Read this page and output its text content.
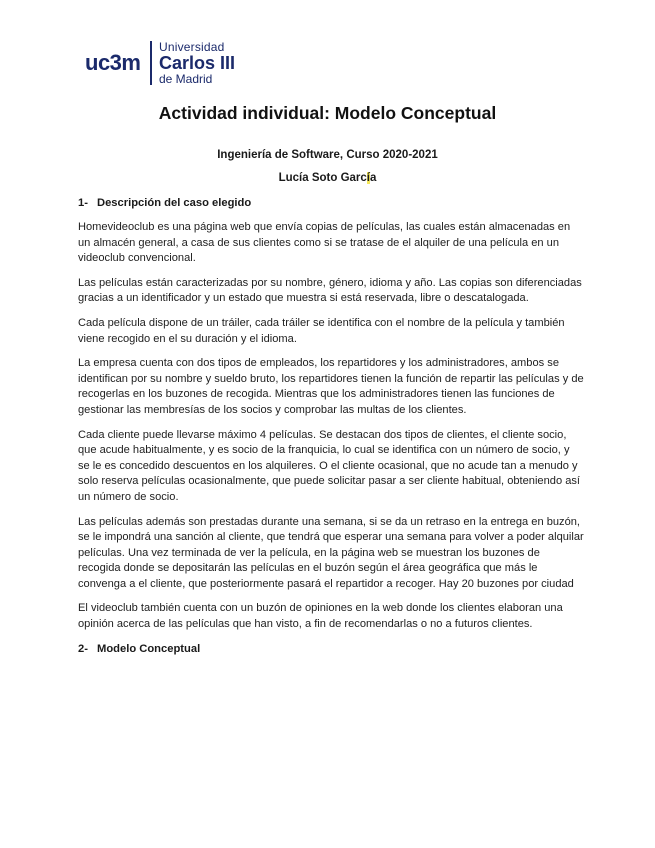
uc3m
Universidad
Carlos III
de Madrid
Actividad individual: Modelo Conceptual
Ingeniería de Software, Curso 2020-2021
Lucía Soto García
1- Descripción del caso elegido

Homevideoclub es una página web que envía copias de películas, las cuales están almacenadas en un almacén general, a casa de sus clientes como si se tratase de el alquiler de una película en un videoclub convencional.

Las películas están caracterizadas por su nombre, género, idioma y año. Las copias son diferenciadas gracias a un identificador y un estado que muestra si está reservada, libre o descatalogada.

Cada película dispone de un tráiler, cada tráiler se identifica con el nombre de la película y también viene recogido en el su duración y el idioma.

La empresa cuenta con dos tipos de empleados, los repartidores y los administradores, ambos se identifican por su nombre y sueldo bruto, los repartidores tienen la función de repartir las películas y de recogerlas en los buzones de recogida. Mientras que los administradores tienen las funciones de gestionar las membresías de los socios y comprobar las multas de los clientes.

Cada cliente puede llevarse máximo 4 películas. Se destacan dos tipos de clientes, el cliente socio, que acude habitualmente, y es socio de la franquicia, lo cual se identifica con un número de socio, y se le es concedido descuentos en los alquileres. O el cliente ocasional, que no acude tan a menudo y solo reserva películas ocasionalmente, que puede solicitar pasar a ser cliente habitual, obteniendo así un número de socio.

Las películas además son prestadas durante una semana, si se da un retraso en la entrega en buzón, se le impondrá una sanción al cliente, que tendrá que esperar una semana para volver a poder alquilar películas. Una vez terminada de ver la película, en la página web se muestran los buzones de recogida donde se depositarán las películas en el buzón según el área geográfica que más le convenga a el cliente, que posteriormente pasará el repartidor a recoger. Hay 20 buzones por ciudad

El videoclub también cuenta con un buzón de opiniones en la web donde los clientes elaboran una opinión acerca de las películas que han visto, a fin de recomendarlas o no a futuros clientes.

2- Modelo Conceptual
